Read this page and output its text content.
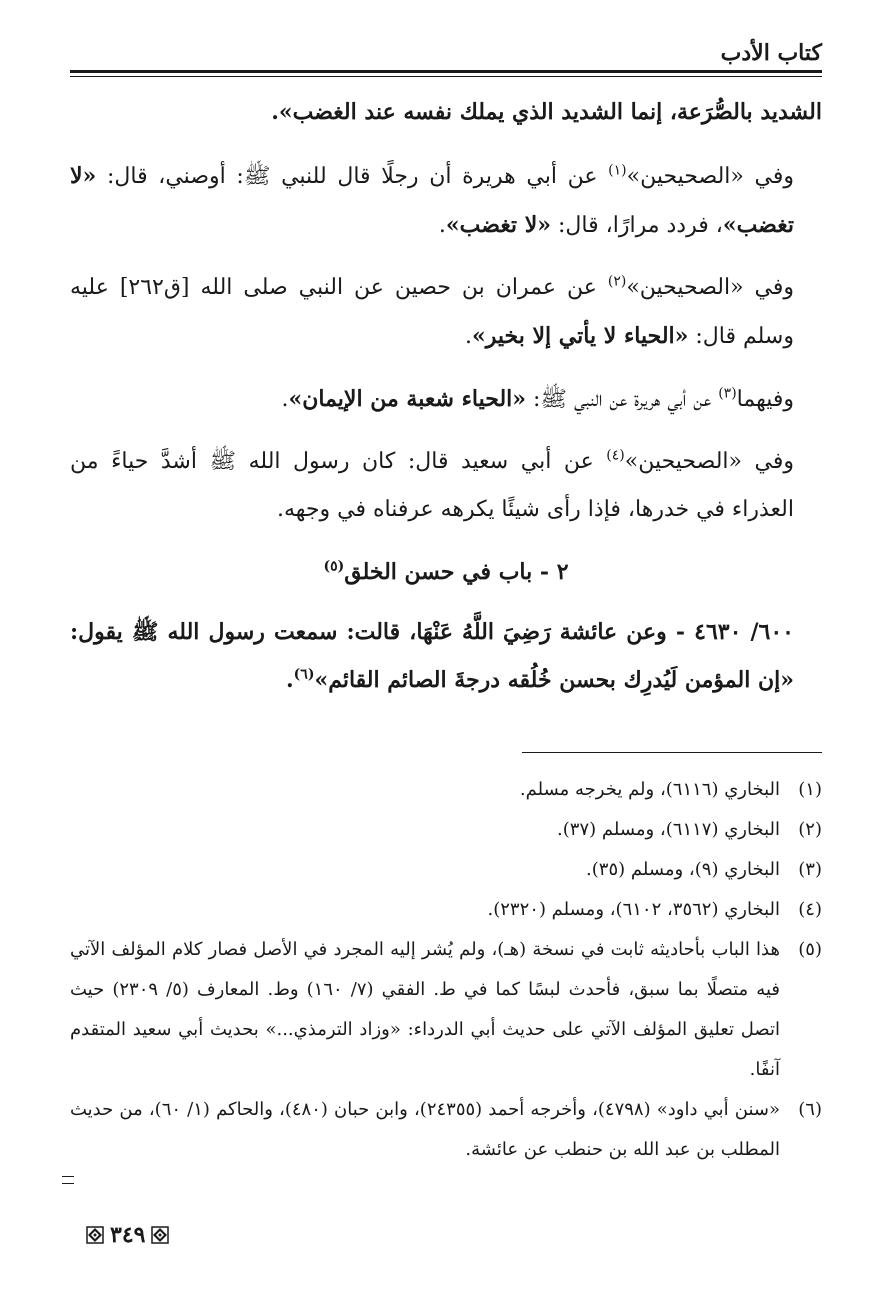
كتاب الأدب

الشديد بالصُّرَعة، إنما الشديد الذي يملك نفسه عند الغضب».

وفي «الصحيحين»$^{(١)}$ عن أبي هريرة أن رجلًا قال للنبي ﷺ: أوصني، قال: «لا تغضب»، فردد مرارًا، قال: «لا تغضب».

وفي «الصحيحين»$^{(٢)}$ عن عمران بن حصين عن النبي صلى الله [ق٢٦٢] عليه وسلم قال: «الحياء لا يأتي إلا بخير».

وفيهما$^{(٣)}$ عن أبي هريرة عن النبي ﷺ: «الحياء شعبة من الإيمان».

وفي «الصحيحين»$^{(٤)}$ عن أبي سعيد قال: كان رسول الله ﷺ أشدَّ حياءً من العذراء في خدرها، فإذا رأى شيئًا يكرهه عرفناه في وجهه.

٢ - باب في حسن الخلق$^{(٥)}$

٦٠٠/ ٤٦٣٠ - وعن عائشة رَضِيَ اللَّهُ عَنْهَا، قالت: سمعت رسول الله ﷺ يقول: «إن المؤمن لَيُدرِك بحسن خُلُقه درجةَ الصائم القائم»$^{(٦)}$.

(١)
البخاري (٦١١٦)، ولم يخرجه مسلم.
(٢)
البخاري (٦١١٧)، ومسلم (٣٧).
(٣)
البخاري (٩)، ومسلم (٣٥).
(٤)
البخاري (٣٥٦٢، ٦١٠٢)، ومسلم (٢٣٢٠).
(٥)
هذا الباب بأحاديثه ثابت في نسخة (هـ)، ولم يُشر إليه المجرد في الأصل فصار كلام المؤلف الآتي فيه متصلًا بما سبق، فأحدث لبسًا كما في ط. الفقي (٧/ ١٦٠) وط. المعارف (٥/ ٢٣٠٩) حيث اتصل تعليق المؤلف الآتي على حديث أبي الدرداء: «وزاد الترمذي...» بحديث أبي سعيد المتقدم آنفًا.
(٦)
«سنن أبي داود» (٤٧٩٨)، وأخرجه أحمد (٢٤٣٥٥)، وابن حبان (٤٨٠)، والحاكم (١/ ٦٠)، من حديث المطلب بن عبد الله بن حنطب عن عائشة.
٣٤٩
